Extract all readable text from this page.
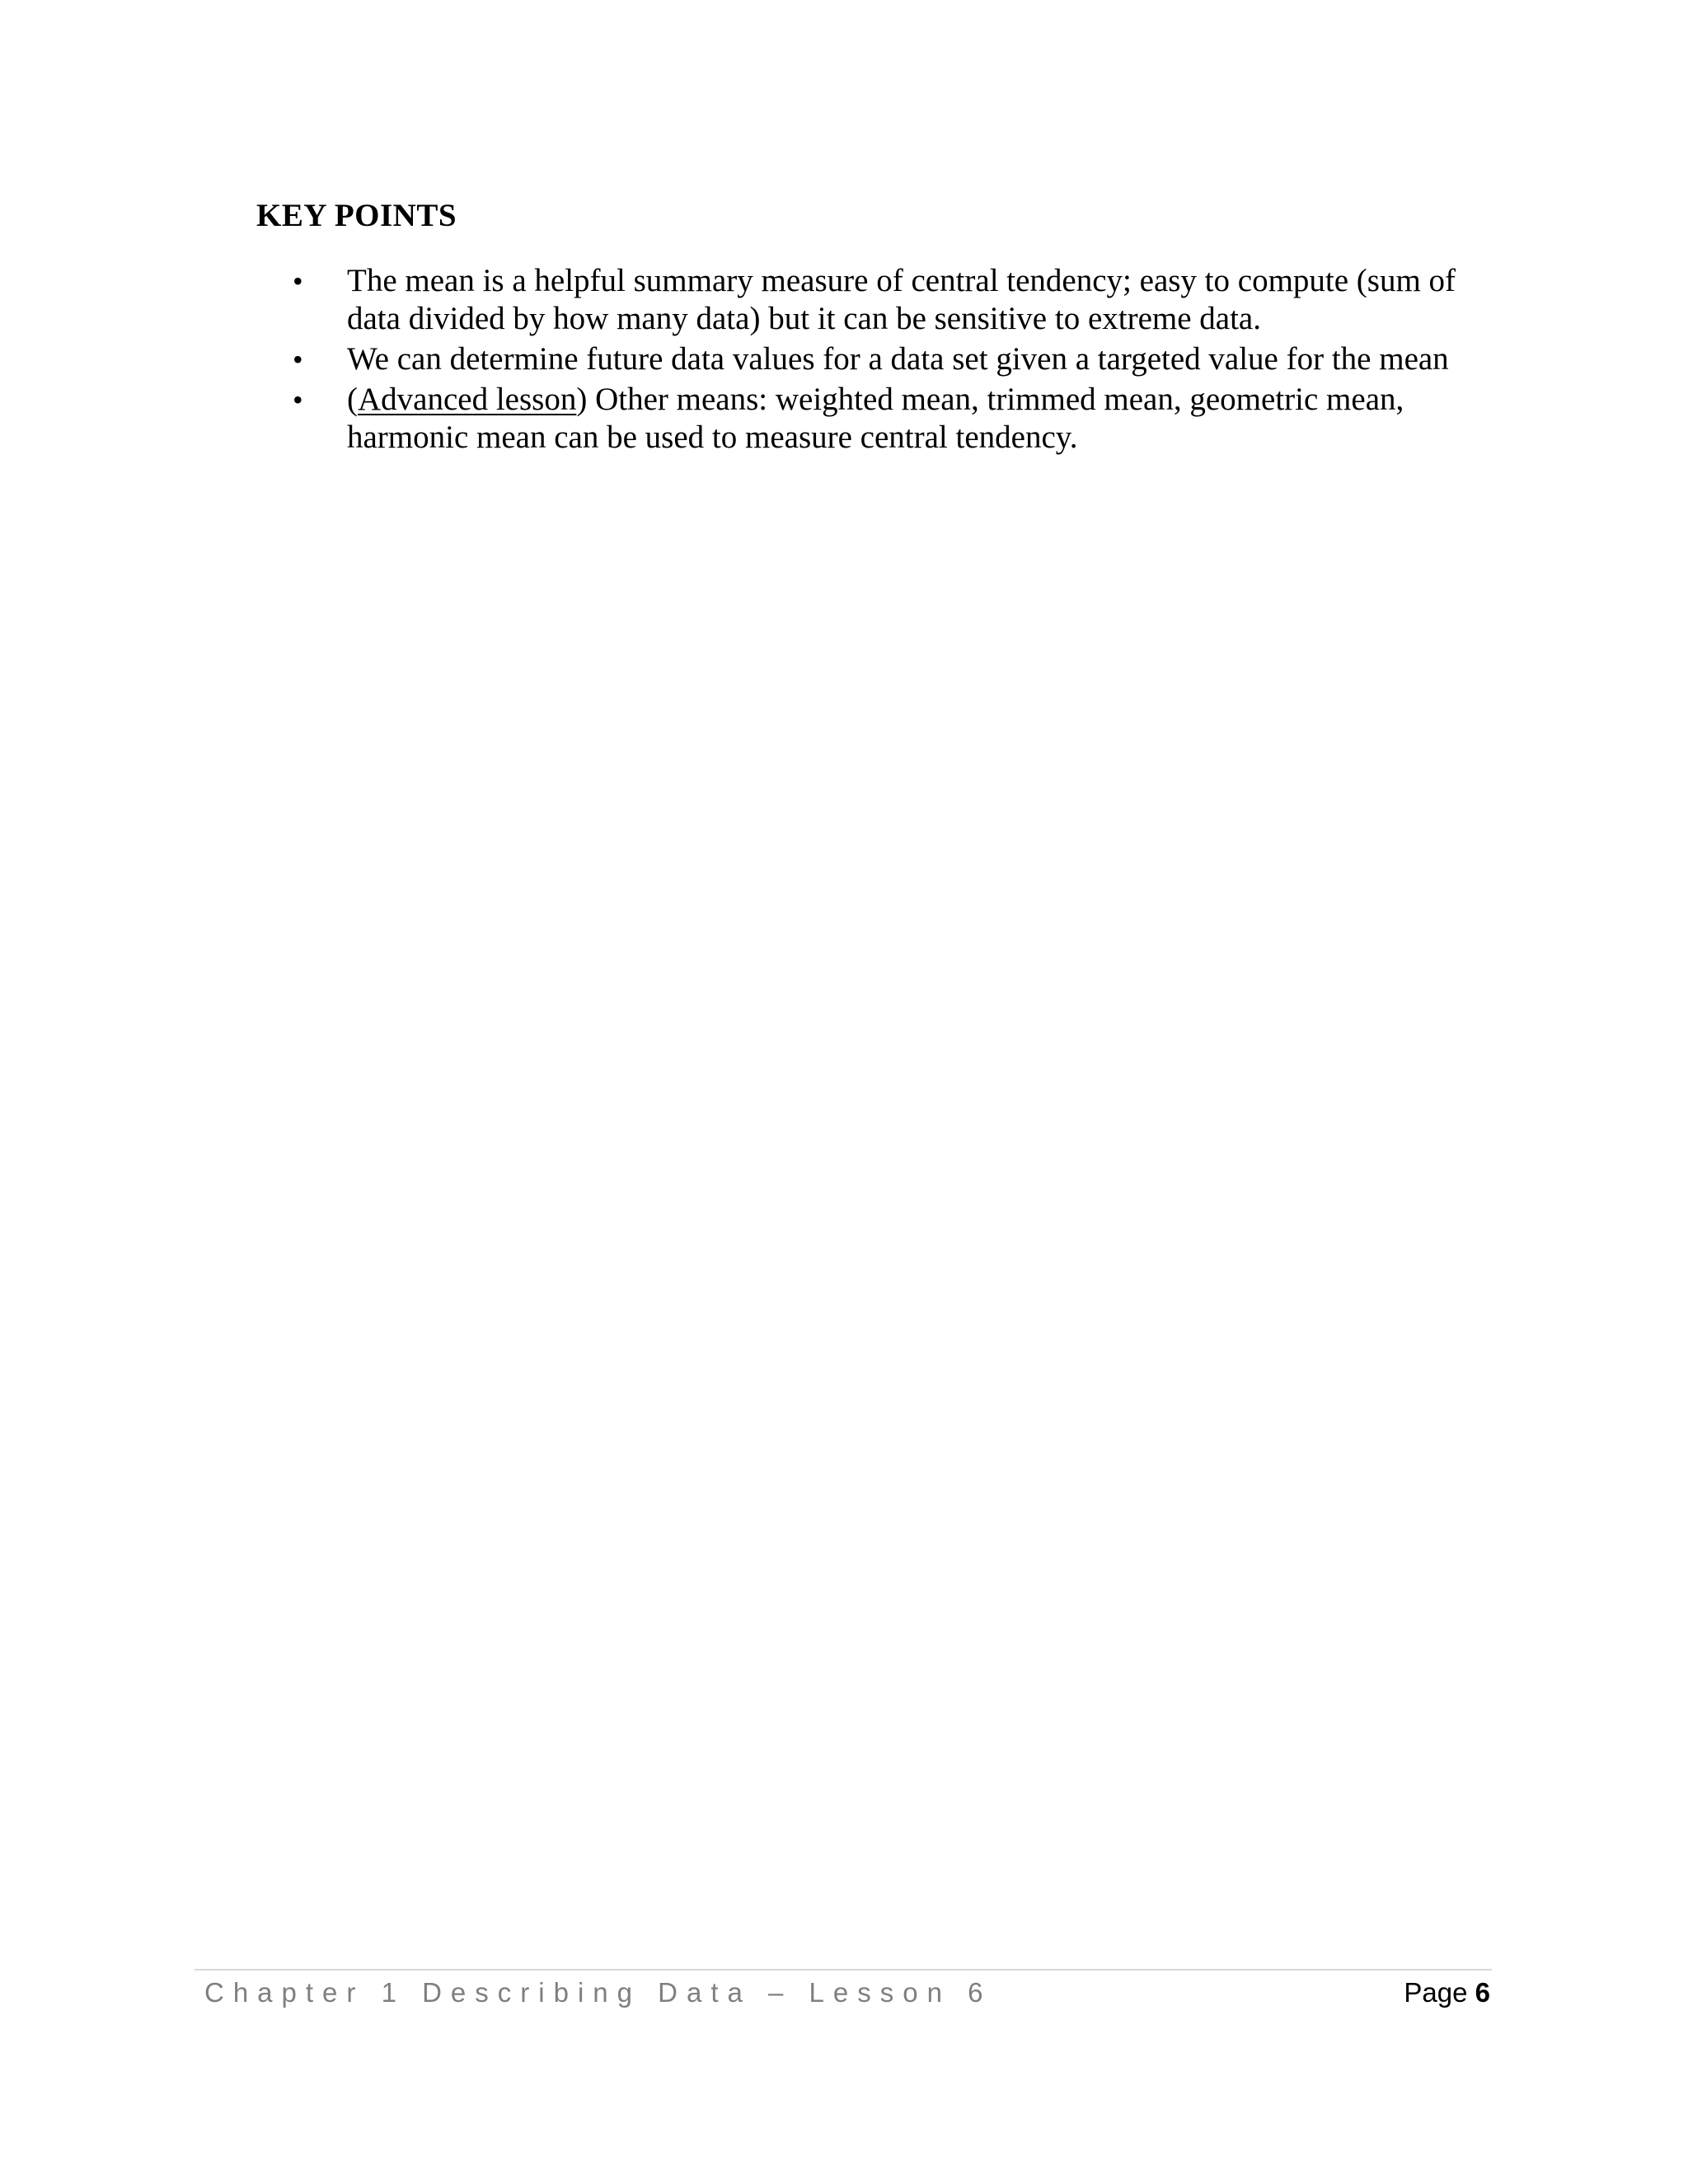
KEY POINTS
•	The mean is a helpful summary measure of central tendency; easy to compute (sum of data divided by how many data) but it can be sensitive to extreme data.
•	We can determine future data values for a data set given a targeted value for the mean
•	(Advanced lesson) Other means: weighted mean, trimmed mean, geometric mean, harmonic mean can be used to measure central tendency.
Chapter 1 Describing Data – Lesson 6	Page 6
